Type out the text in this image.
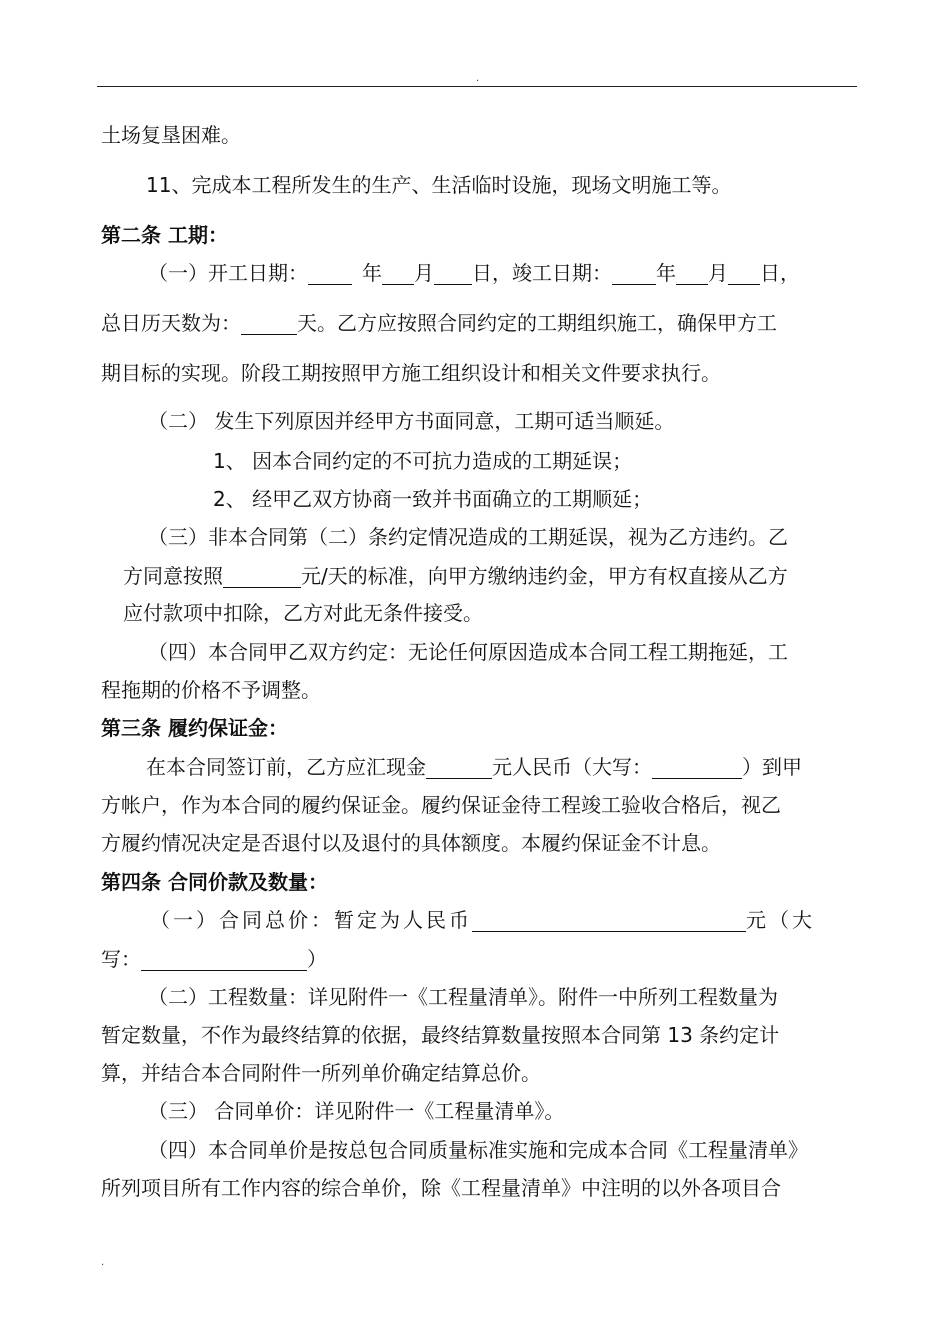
.
土场复垦困难。
11、完成本工程所发生的生产、生活临时设施，现场文明施工等。
第二条 工期：
（一）开工日期：	年 月 日，竣工日期： 年 月 日，
总日历天数为：	天。乙方应按照合同约定的工期组织施工，确保甲方工
期目标的实现。阶段工期按照甲方施工组织设计和相关文件要求执行。
（二） 发生下列原因并经甲方书面同意，工期可适当顺延。
1、 因本合同约定的不可抗力造成的工期延误；
2、 经甲乙双方协商一致并书面确立的工期顺延；
（三）非本合同第（二）条约定情况造成的工期延误，视为乙方违约。乙
方同意按照	元/天的标准，向甲方缴纳违约金，甲方有权直接从乙方
应付款项中扣除，乙方对此无条件接受。
（四）本合同甲乙双方约定：无论任何原因造成本合同工程工期拖延，工
程拖期的价格不予调整。
第三条 履约保证金：
在本合同签订前，乙方应汇现金	元人民币（大写：	）到甲
方帐户，作为本合同的履约保证金。履约保证金待工程竣工验收合格后，视乙
方履约情况决定是否退付以及退付的具体额度。本履约保证金不计息。
第四条 合同价款及数量：
（一）合同总价：暂定为人民币	元（大
写：	）
（二）工程数量：详见附件一《工程量清单》。附件一中所列工程数量为
暂定数量，不作为最终结算的依据，最终结算数量按照本合同第 13 条约定计
算，并结合本合同附件一所列单价确定结算总价。
（三） 合同单价：详见附件一《工程量清单》。
（四）本合同单价是按总包合同质量标准实施和完成本合同《工程量清单》
所列项目所有工作内容的综合单价，除《工程量清单》中注明的以外各项目合
.
